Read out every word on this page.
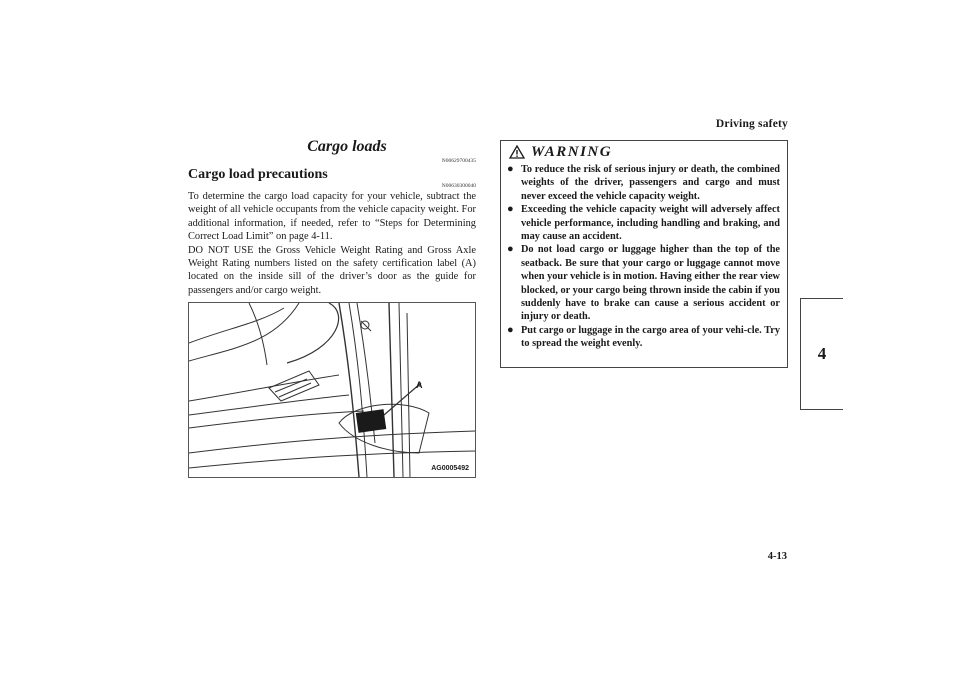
Driving safety
4
Cargo loads
N00629700435
Cargo load precautions
N00630300040

To determine the cargo load capacity for your vehicle, subtract the weight of all vehicle occupants from the vehicle capacity weight. For additional information, if needed, refer to “Steps for Determining Correct Load Limit” on page 4-11.

DO NOT USE the Gross Vehicle Weight Rating and Gross Axle Weight Rating numbers listed on the safety certification label (A) located on the inside sill of the driver’s door as the guide for passengers and/or cargo weight.

A
AG0005492
WARNING
● To reduce the risk of serious injury or death, the combined weights of the driver, passengers and cargo and must never exceed the vehicle capacity weight.
● Exceeding the vehicle capacity weight will adversely affect vehicle performance, including handling and braking, and may cause an accident.
● Do not load cargo or luggage higher than the top of the seatback. Be sure that your cargo or luggage cannot move when your vehicle is in motion. Having either the rear view blocked, or your cargo being thrown inside the cabin if you suddenly have to brake can cause a serious accident or injury or death.
● Put cargo or luggage in the cargo area of your vehi-cle. Try to spread the weight evenly.
4-13
